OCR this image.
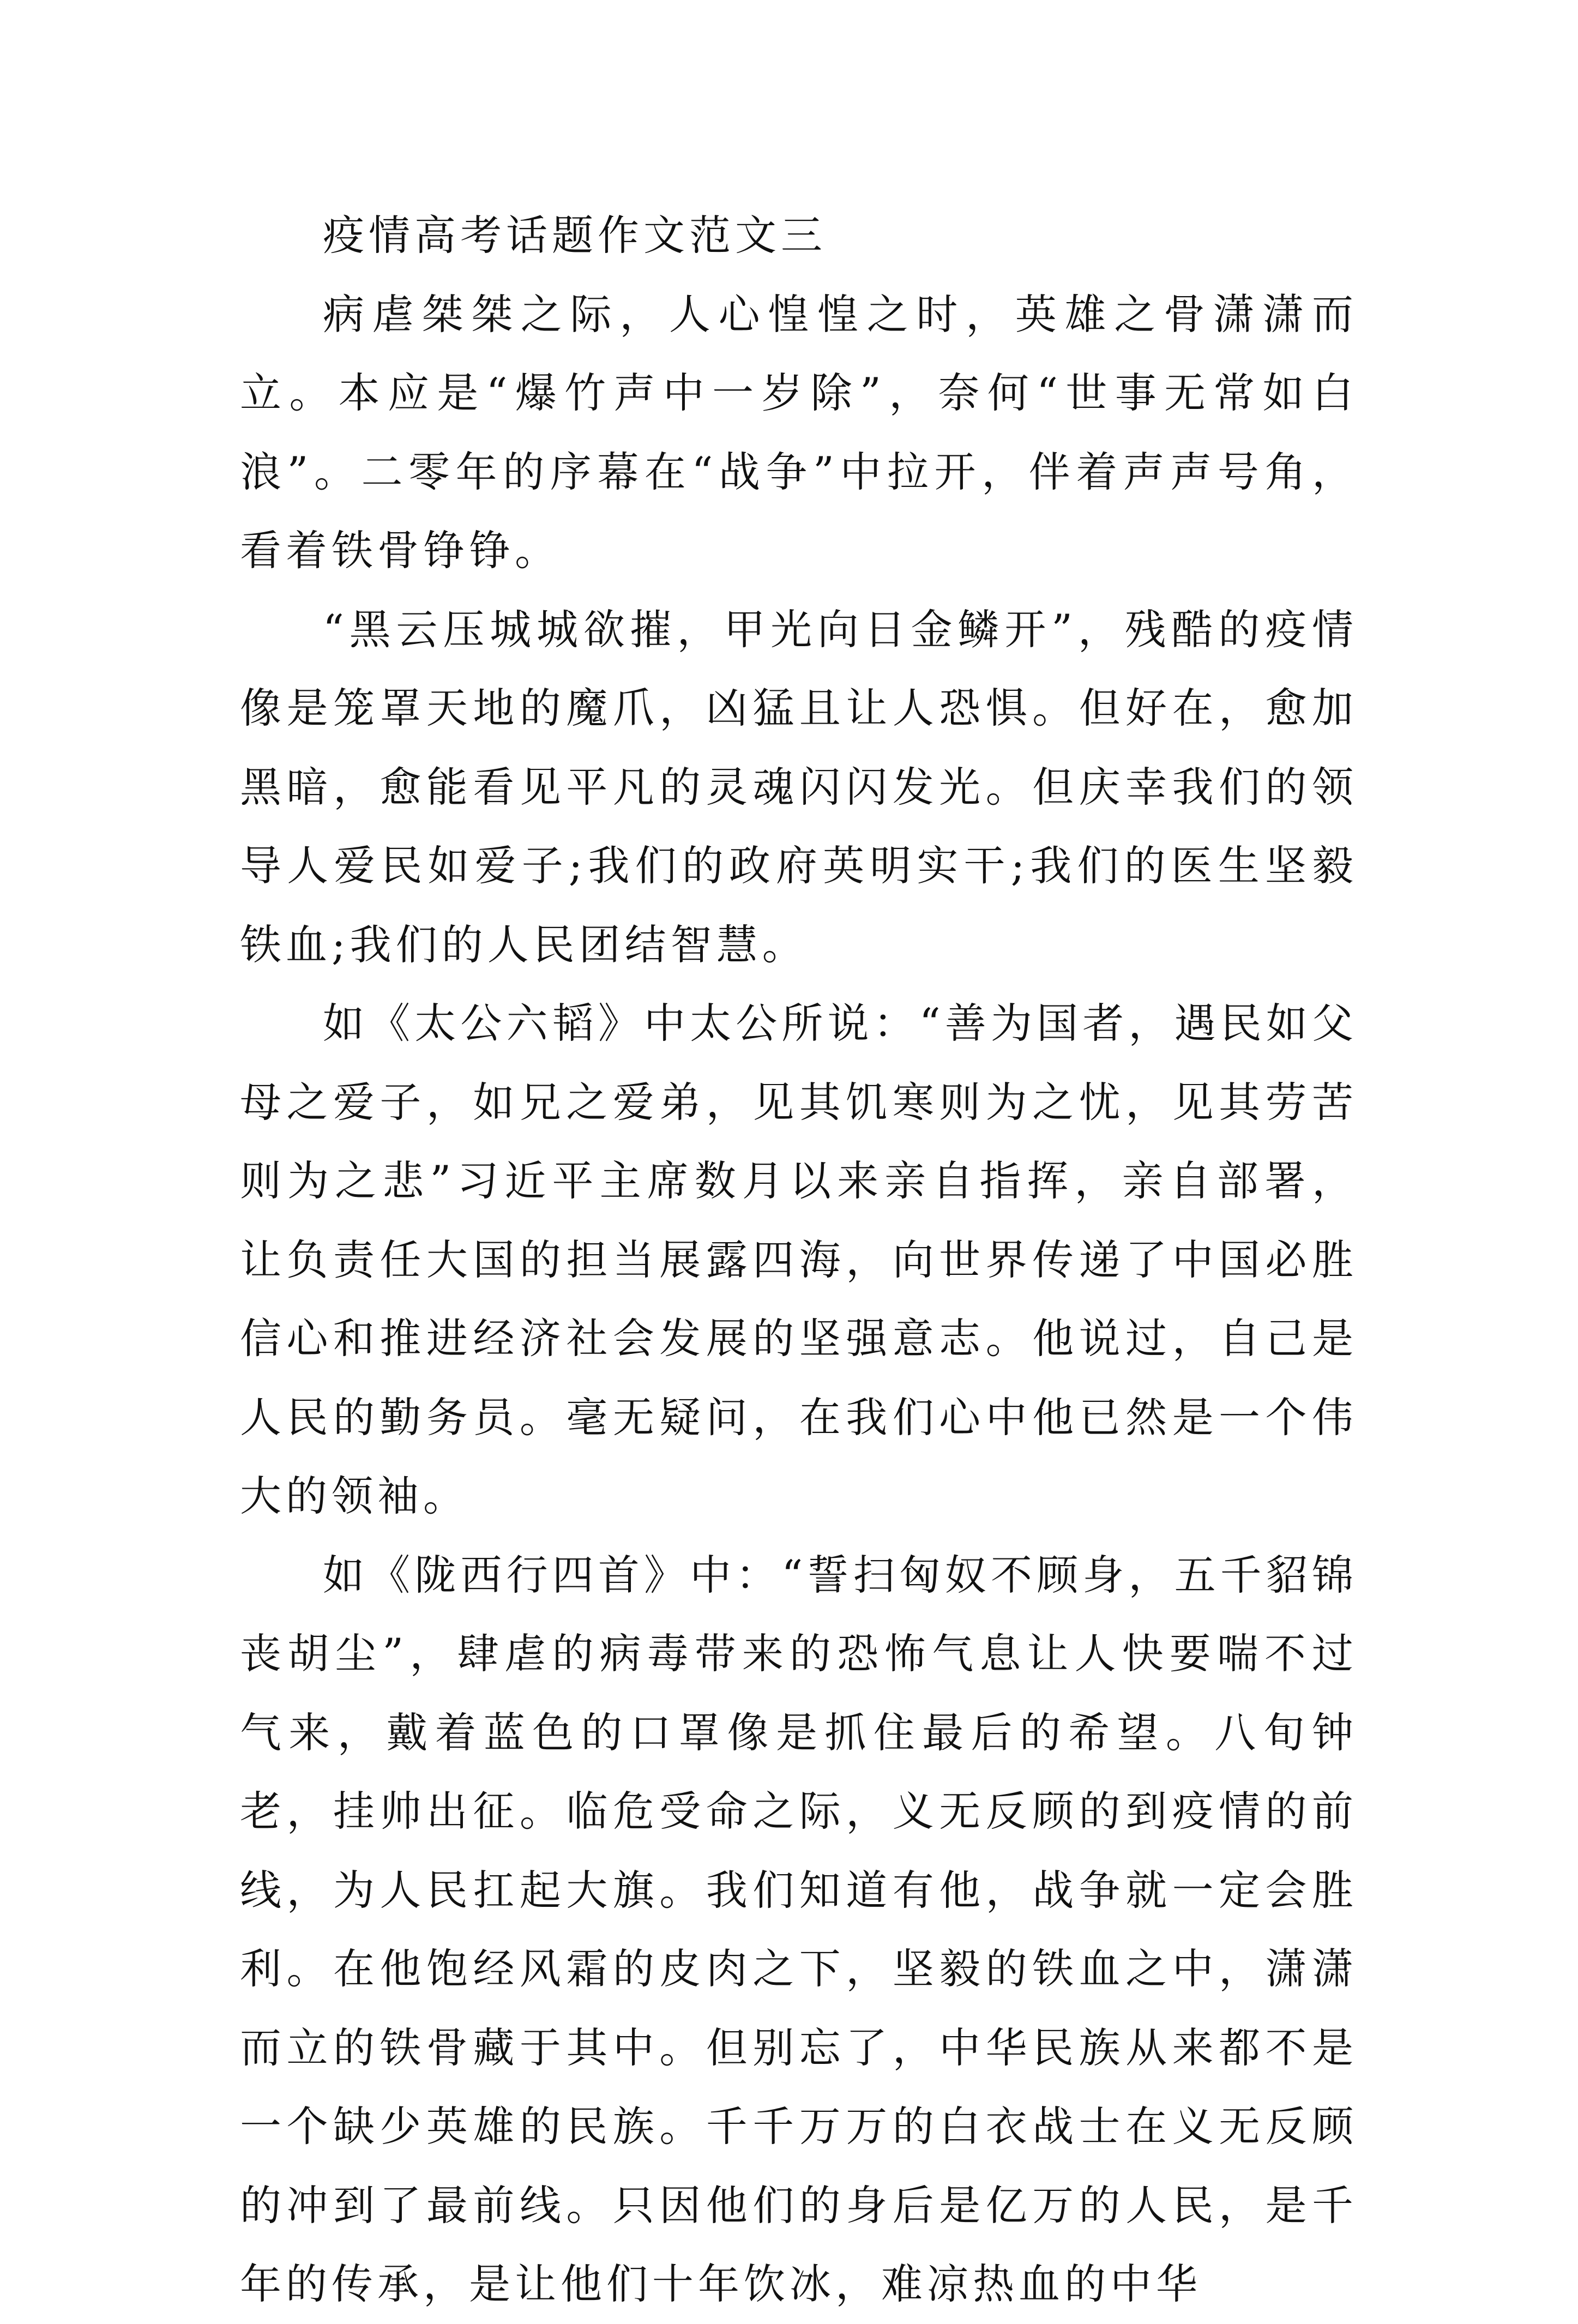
疫情高考话题作文范文三

病虐桀桀之际，人心惶惶之时，英雄之骨潇潇而立。本应是“爆竹声中一岁除”，奈何“世事无常如白浪”。二零年的序幕在“战争”中拉开，伴着声声号角，看着铁骨铮铮。

“黑云压城城欲摧，甲光向日金鳞开”，残酷的疫情像是笼罩天地的魔爪，凶猛且让人恐惧。但好在，愈加黑暗，愈能看见平凡的灵魂闪闪发光。但庆幸我们的领导人爱民如爱子;我们的政府英明实干;我们的医生坚毅铁血;我们的人民团结智慧。

如《太公六韬》中太公所说：“善为国者，遇民如父母之爱子，如兄之爱弟，见其饥寒则为之忧，见其劳苦则为之悲”习近平主席数月以来亲自指挥，亲自部署，让负责任大国的担当展露四海，向世界传递了中国必胜信心和推进经济社会发展的坚强意志。他说过，自己是人民的勤务员。毫无疑问，在我们心中他已然是一个伟大的领袖。

如《陇西行四首》中：“誓扫匈奴不顾身，五千貂锦丧胡尘”，肆虐的病毒带来的恐怖气息让人快要喘不过气来，戴着蓝色的口罩像是抓住最后的希望。八旬钟老，挂帅出征。临危受命之际，义无反顾的到疫情的前线，为人民扛起大旗。我们知道有他，战争就一定会胜利。在他饱经风霜的皮肉之下，坚毅的铁血之中，潇潇而立的铁骨藏于其中。但别忘了，中华民族从来都不是一个缺少英雄的民族。千千万万的白衣战士在义无反顾的冲到了最前线。只因他们的身后是亿万的人民，是千年的传承，是让他们十年饮冰，难凉热血的中华
